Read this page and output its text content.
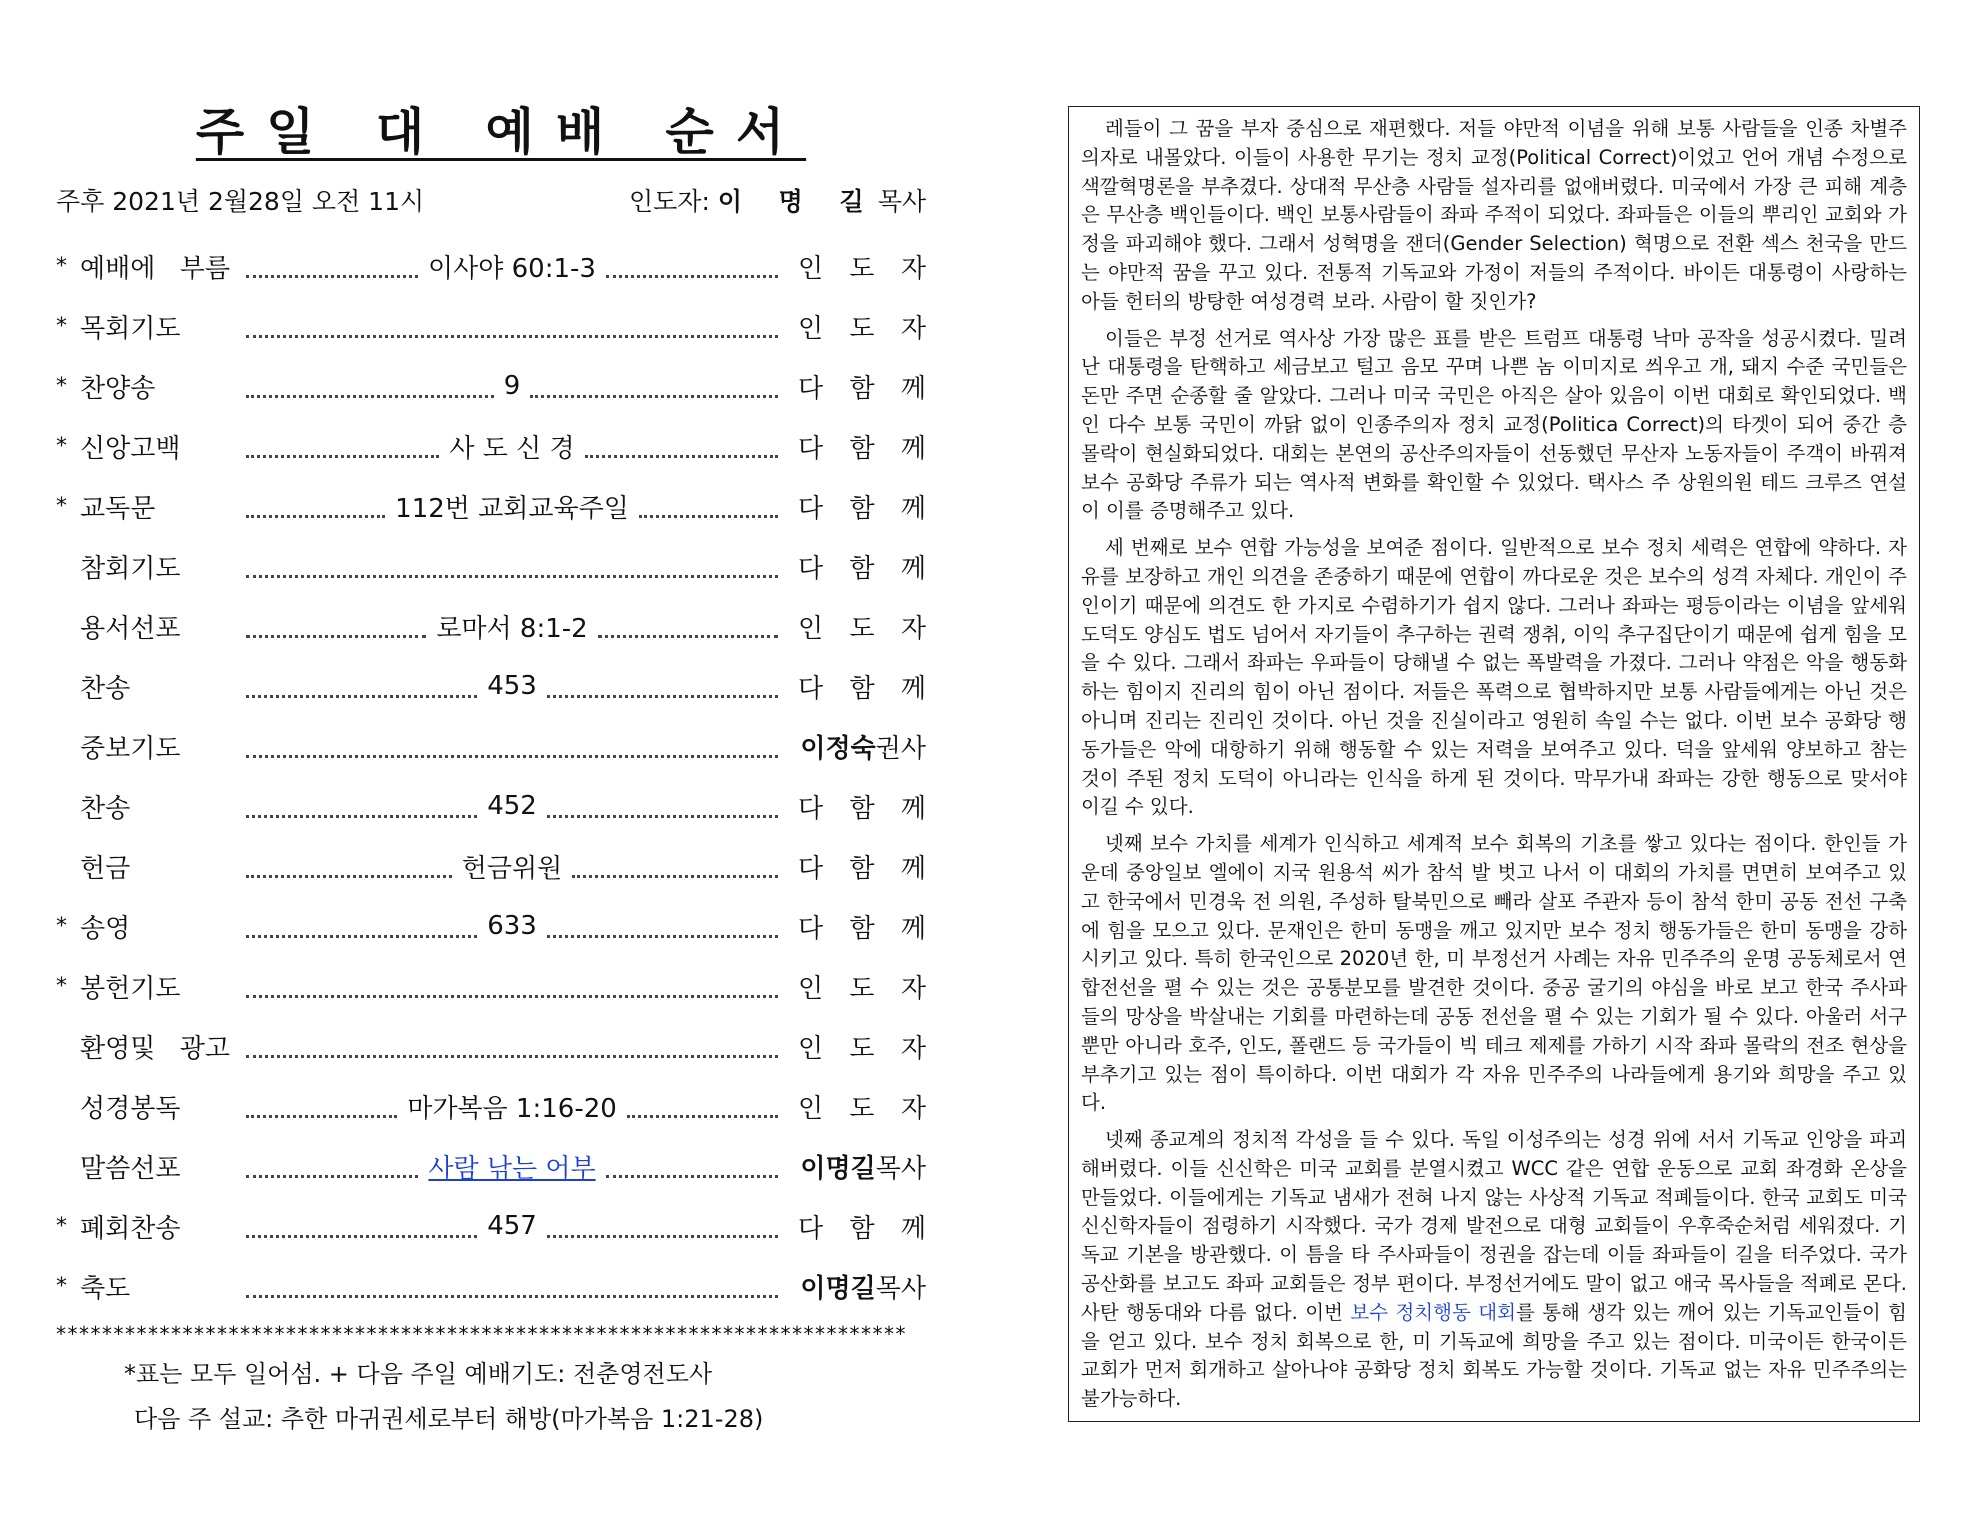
주일 대 예배 순서
주후 2021년 2월28일 오전 11시	인도자: 이 명 길목사
* 예배에 부름	이사야 60:1-3	인 도 자
* 목회기도	인 도 자
* 찬양송	9	다 함 께
* 신앙고백	사 도 신 경	다 함 께
* 교독문	112번 교회교육주일	다 함 께
참회기도	다 함 께
용서선포	로마서 8:1-2	인 도 자
찬송	453	다 함 께
중보기도	이정숙권사
찬송	452	다 함 께
헌금	헌금위원	다 함 께
* 송영	633	다 함 께
* 봉헌기도	인 도 자
환영및 광고	인 도 자
성경봉독	마가복음 1:16-20	인 도 자
말씀선포	사람 낚는 어부	이명길목사
* 폐회찬송	457	다 함 께
* 축도	이명길목사
**************************************************************************
*표는 모두 일어섬. + 다음 주일 예배기도: 전춘영전도사
다음 주 설교: 추한 마귀권세로부터 해방(마가복음 1:21-28)

레들이 그 꿈을 부자 중심으로 재편했다. 저들 야만적 이념을 위해 보통 사람들을 인종 차별주의자로 내몰았다. 이들이 사용한 무기는 정치 교정(Political Correct)이었고 언어 개념 수정으로 색깔혁명론을 부추겼다. 상대적 무산층 사람들 설자리를 없애버렸다. 미국에서 가장 큰 피해 계층은 무산층 백인들이다. 백인 보통사람들이 좌파 주적이 되었다. 좌파들은 이들의 뿌리인 교회와 가정을 파괴해야 했다. 그래서 성혁명을 잰더(Gender Selection) 혁명으로 전환 섹스 천국을 만드는 야만적 꿈을 꾸고 있다. 전통적 기독교와 가정이 저들의 주적이다. 바이든 대통령이 사랑하는 아들 헌터의 방탕한 여성경력 보라. 사람이 할 짓인가?

이들은 부정 선거로 역사상 가장 많은 표를 받은 트럼프 대통령 낙마 공작을 성공시켰다. 밀려난 대통령을 탄핵하고 세금보고 털고 음모 꾸며 나쁜 놈 이미지로 씌우고 개, 돼지 수준 국민들은 돈만 주면 순종할 줄 알았다. 그러나 미국 국민은 아직은 살아 있음이 이번 대회로 확인되었다. 백인 다수 보통 국민이 까닭 없이 인종주의자 정치 교정(Politica Correct)의 타겟이 되어 중간 층 몰락이 현실화되었다. 대회는 본연의 공산주의자들이 선동했던 무산자 노동자들이 주객이 바꿔져 보수 공화당 주류가 되는 역사적 변화를 확인할 수 있었다. 택사스 주 상원의원 테드 크루즈 연설이 이를 증명해주고 있다.

세 번째로 보수 연합 가능성을 보여준 점이다. 일반적으로 보수 정치 세력은 연합에 약하다. 자유를 보장하고 개인 의견을 존중하기 때문에 연합이 까다로운 것은 보수의 성격 자체다. 개인이 주인이기 때문에 의견도 한 가지로 수렴하기가 쉽지 않다. 그러나 좌파는 평등이라는 이념을 앞세워 도덕도 양심도 법도 넘어서 자기들이 추구하는 권력 쟁취, 이익 추구집단이기 때문에 쉽게 힘을 모을 수 있다. 그래서 좌파는 우파들이 당해낼 수 없는 폭발력을 가졌다. 그러나 약점은 악을 행동화하는 힘이지 진리의 힘이 아닌 점이다. 저들은 폭력으로 협박하지만 보통 사람들에게는 아닌 것은 아니며 진리는 진리인 것이다. 아닌 것을 진실이라고 영원히 속일 수는 없다. 이번 보수 공화당 행동가들은 악에 대항하기 위해 행동할 수 있는 저력을 보여주고 있다. 덕을 앞세워 양보하고 참는 것이 주된 정치 도덕이 아니라는 인식을 하게 된 것이다. 막무가내 좌파는 강한 행동으로 맞서야 이길 수 있다.

넷째 보수 가치를 세계가 인식하고 세계적 보수 회복의 기초를 쌓고 있다는 점이다. 한인들 가운데 중앙일보 엘에이 지국 원용석 씨가 참석 발 벗고 나서 이 대회의 가치를 면면히 보여주고 있고 한국에서 민경욱 전 의원, 주성하 탈북민으로 빼라 살포 주관자 등이 참석 한미 공동 전선 구축에 힘을 모으고 있다. 문재인은 한미 동맹을 깨고 있지만 보수 정치 행동가들은 한미 동맹을 강하시키고 있다. 특히 한국인으로 2020년 한, 미 부정선거 사례는 자유 민주주의 운명 공동체로서 연합전선을 펼 수 있는 것은 공통분모를 발견한 것이다. 중공 굴기의 야심을 바로 보고 한국 주사파들의 망상을 박살내는 기회를 마련하는데 공동 전선을 펼 수 있는 기회가 될 수 있다. 아울러 서구뿐만 아니라 호주, 인도, 폴랜드 등 국가들이 빅 테크 제제를 가하기 시작 좌파 몰락의 전조 현상을 부추기고 있는 점이 특이하다. 이번 대회가 각 자유 민주주의 나라들에게 용기와 희망을 주고 있다.

넷째 종교계의 정치적 각성을 들 수 있다. 독일 이성주의는 성경 위에 서서 기독교 인앙을 파괴해버렸다. 이들 신신학은 미국 교회를 분열시켰고 WCC 같은 연합 운동으로 교회 좌경화 온상을 만들었다. 이들에게는 기독교 냄새가 전혀 나지 않는 사상적 기독교 적폐들이다. 한국 교회도 미국 신신학자들이 점령하기 시작했다. 국가 경제 발전으로 대형 교회들이 우후죽순처럼 세워졌다. 기독교 기본을 방관했다. 이 틈을 타 주사파들이 정권을 잡는데 이들 좌파들이 길을 터주었다. 국가 공산화를 보고도 좌파 교회들은 정부 편이다. 부정선거에도 말이 없고 애국 목사들을 적폐로 몬다. 사탄 행동대와 다름 없다. 이번 보수 정치행동 대회를 통해 생각 있는 깨어 있는 기독교인들이 힘을 얻고 있다. 보수 정치 회복으로 한, 미 기독교에 희망을 주고 있는 점이다. 미국이든 한국이든 교회가 먼저 회개하고 살아나야 공화당 정치 회복도 가능할 것이다. 기독교 없는 자유 민주주의는 불가능하다.
